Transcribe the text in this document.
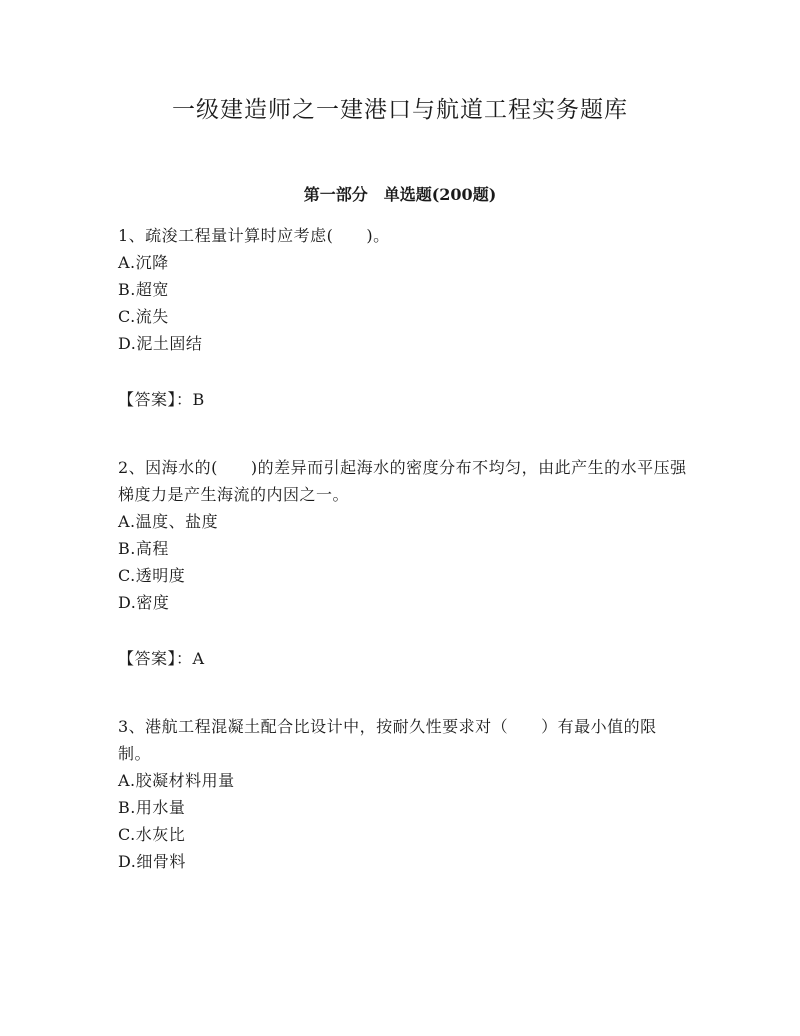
一级建造师之一建港口与航道工程实务题库
第一部分　单选题(200题)

1、疏浚工程量计算时应考虑(　　)。

A.沉降

B.超宽

C.流失

D.泥土固结

【答案】：B

2、因海水的(　　)的差异而引起海水的密度分布不均匀，由此产生的水平压强梯度力是产生海流的内因之一。

A.温度、盐度

B.高程

C.透明度

D.密度

【答案】：A

3、港航工程混凝土配合比设计中，按耐久性要求对（　　）有最小值的限制。

A.胶凝材料用量

B.用水量

C.水灰比

D.细骨料
